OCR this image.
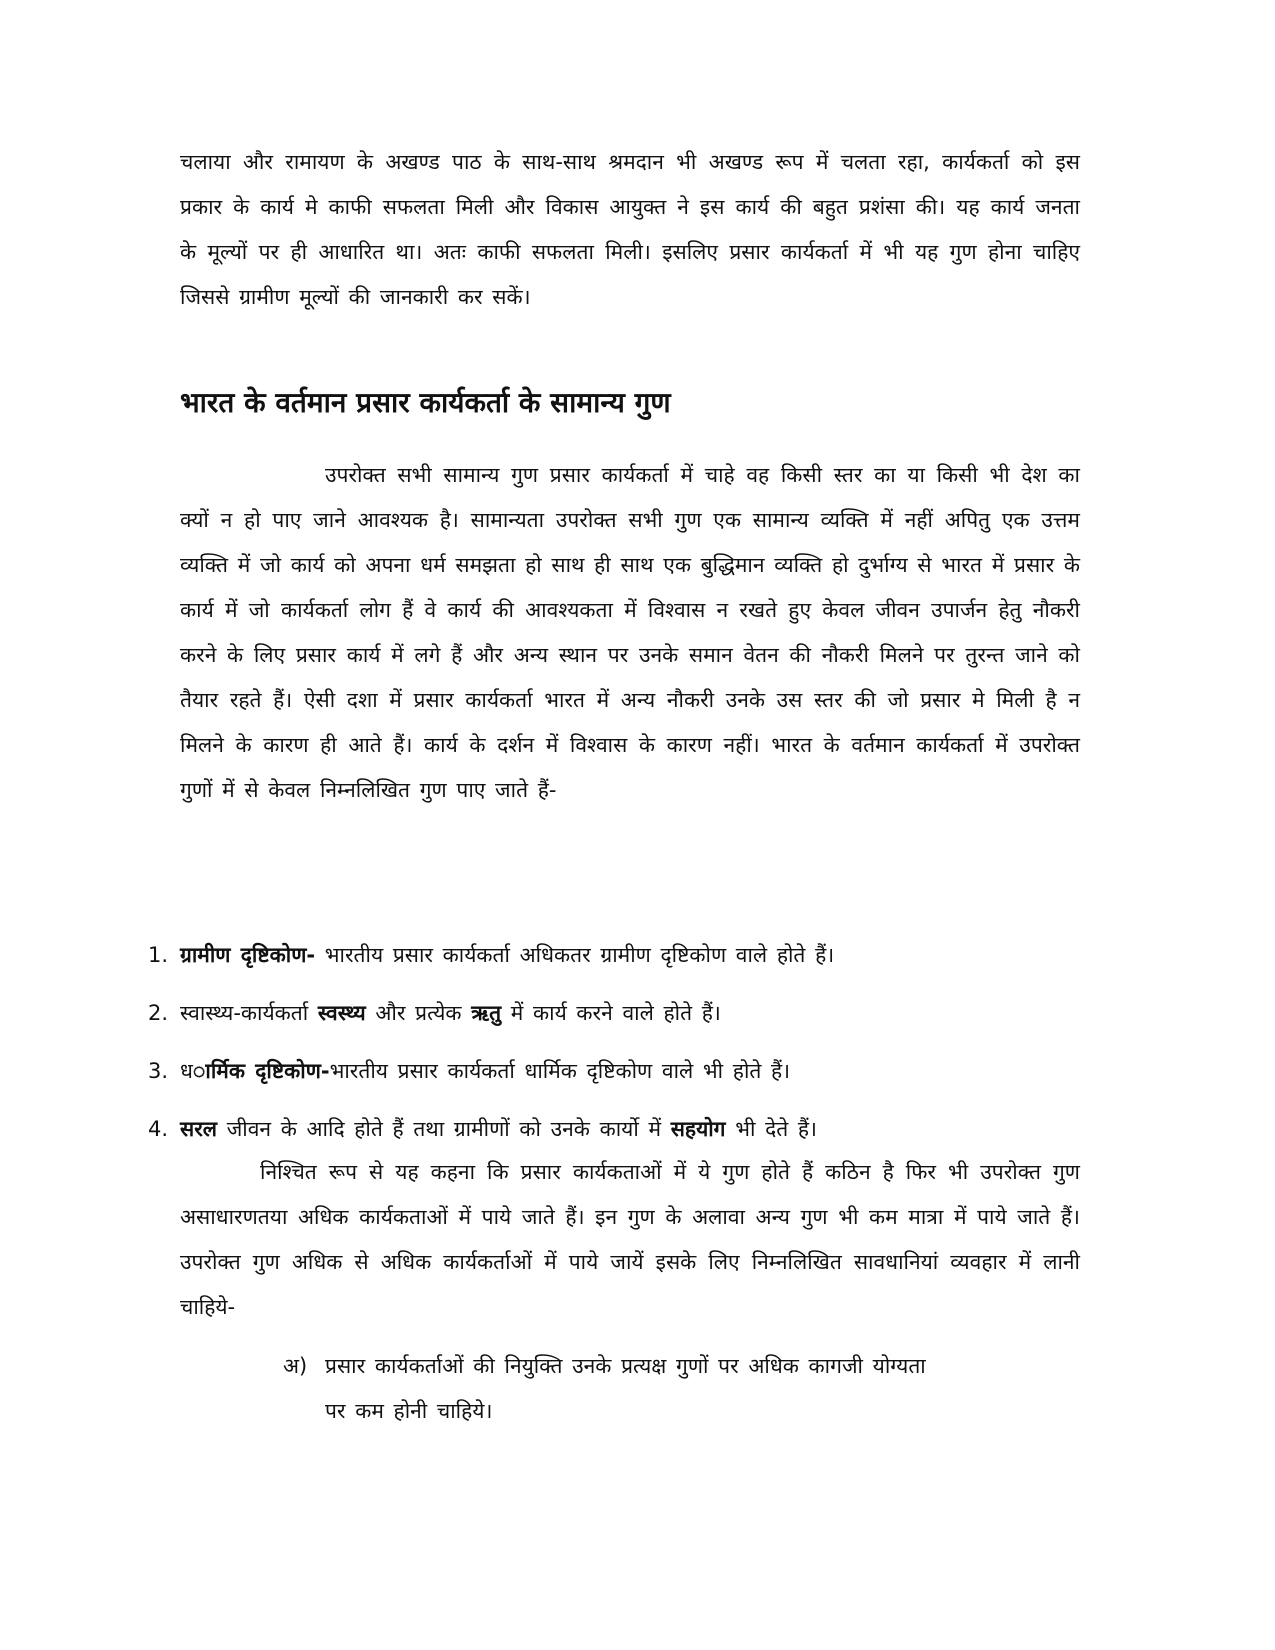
चलाया और रामायण के अखण्ड पाठ के साथ-साथ श्रमदान भी अखण्ड रूप में चलता रहा, कार्यकर्ता को इस प्रकार के कार्य मे काफी सफलता मिली और विकास आयुक्त ने इस कार्य की बहुत प्रशंसा की। यह कार्य जनता के मूल्यों पर ही आधारित था। अतः काफी सफलता मिली। इसलिए प्रसार कार्यकर्ता में भी यह गुण होना चाहिए जिससे ग्रामीण मूल्यों की जानकारी कर सकें।

भारत के वर्तमान प्रसार कार्यकर्ता के सामान्य गुण

उपरोक्त सभी सामान्य गुण प्रसार कार्यकर्ता में चाहे वह किसी स्तर का या किसी भी देश का क्यों न हो पाए जाने आवश्यक है। सामान्यता उपरोक्त सभी गुण एक सामान्य व्यक्ति में नहीं अपितु एक उत्तम व्यक्ति में जो कार्य को अपना धर्म समझता हो साथ ही साथ एक बुद्धिमान व्यक्ति हो दुर्भाग्य से भारत में प्रसार के कार्य में जो कार्यकर्ता लोग हैं वे कार्य की आवश्यकता में विश्वास न रखते हुए केवल जीवन उपार्जन हेतु नौकरी करने के लिए प्रसार कार्य में लगे हैं और अन्य स्थान पर उनके समान वेतन की नौकरी मिलने पर तुरन्त जाने को तैयार रहते हैं। ऐसी दशा में प्रसार कार्यकर्ता भारत में अन्य नौकरी उनके उस स्तर की जो प्रसार मे मिली है न मिलने के कारण ही आते हैं। कार्य के दर्शन में विश्वास के कारण नहीं। भारत के वर्तमान कार्यकर्ता में उपरोक्त गुणों में से केवल निम्नलिखित गुण पाए जाते हैं-

1. ग्रामीण दृष्टिकोण- भारतीय प्रसार कार्यकर्ता अधिकतर ग्रामीण दृष्टिकोण वाले होते हैं।
2. स्वास्थ्य-कार्यकर्ता स्वस्थ्य और प्रत्येक ऋतु में कार्य करने वाले होते हैं।
3. धार्मिक दृष्टिकोण-भारतीय प्रसार कार्यकर्ता धार्मिक दृष्टिकोण वाले भी होते हैं।
4. सरल जीवन के आदि होते हैं तथा ग्रामीणों को उनके कार्यो में सहयोग भी देते हैं।

निश्चित रूप से यह कहना कि प्रसार कार्यकताओं में ये गुण होते हैं कठिन है फिर भी उपरोक्त गुण असाधारणतया अधिक कार्यकताओं में पाये जाते हैं। इन गुण के अलावा अन्य गुण भी कम मात्रा में पाये जाते हैं। उपरोक्त गुण अधिक से अधिक कार्यकर्ताओं में पाये जायें इसके लिए निम्नलिखित सावधानियां व्यवहार में लानी चाहिये-

अ) प्रसार कार्यकर्ताओं की नियुक्ति उनके प्रत्यक्ष गुणों पर अधिक कागजी योग्यता
पर कम होनी चाहिये।
